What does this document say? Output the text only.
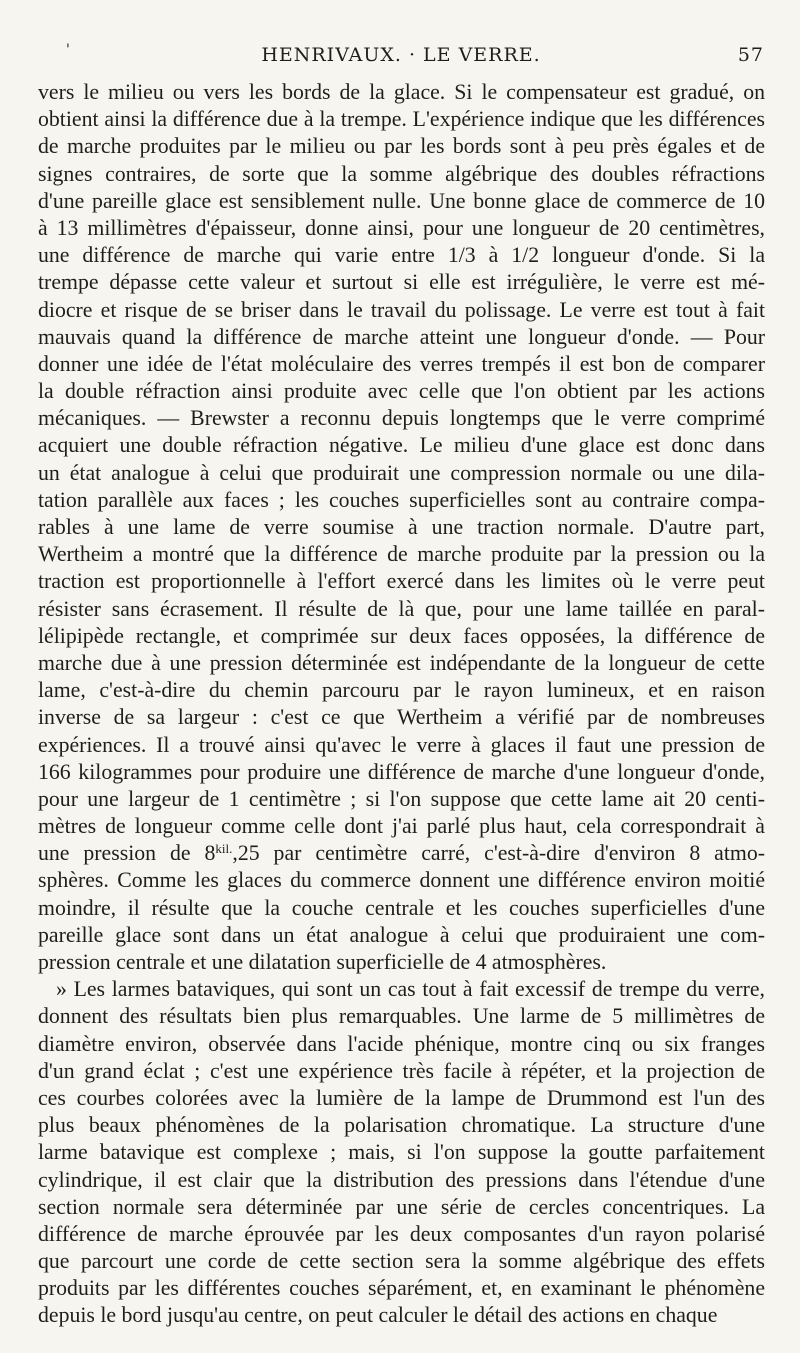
'	HENRIVAUX. · LE VERRE.	57
vers le milieu ou vers les bords de la glace. Si le compensateur est gradué, on
obtient ainsi la différence due à la trempe. L'expérience indique que les différences
de marche produites par le milieu ou par les bords sont à peu près égales et de
signes contraires, de sorte que la somme algébrique des doubles réfractions
d'une pareille glace est sensiblement nulle. Une bonne glace de commerce de 10
à 13 millimètres d'épaisseur, donne ainsi, pour une longueur de 20 centimètres,
une différence de marche qui varie entre 1/3 à 1/2 longueur d'onde. Si la
trempe dépasse cette valeur et surtout si elle est irrégulière, le verre est mé-
diocre et risque de se briser dans le travail du polissage. Le verre est tout à fait
mauvais quand la différence de marche atteint une longueur d'onde. — Pour
donner une idée de l'état moléculaire des verres trempés il est bon de comparer
la double réfraction ainsi produite avec celle que l'on obtient par les actions
mécaniques. — Brewster a reconnu depuis longtemps que le verre comprimé
acquiert une double réfraction négative. Le milieu d'une glace est donc dans
un état analogue à celui que produirait une compression normale ou une dila-
tation parallèle aux faces ; les couches superficielles sont au contraire compa-
rables à une lame de verre soumise à une traction normale. D'autre part,
Wertheim a montré que la différence de marche produite par la pression ou la
traction est proportionnelle à l'effort exercé dans les limites où le verre peut
résister sans écrasement. Il résulte de là que, pour une lame taillée en paral-
lélipipède rectangle, et comprimée sur deux faces opposées, la différence de
marche due à une pression déterminée est indépendante de la longueur de cette
lame, c'est-à-dire du chemin parcouru par le rayon lumineux, et en raison
inverse de sa largeur : c'est ce que Wertheim a vérifié par de nombreuses
expériences. Il a trouvé ainsi qu'avec le verre à glaces il faut une pression de
166 kilogrammes pour produire une différence de marche d'une longueur d'onde,
pour une largeur de 1 centimètre ; si l'on suppose que cette lame ait 20 centi-
mètres de longueur comme celle dont j'ai parlé plus haut, cela correspondrait à
une pression de $8^{kil.},25$ par centimètre carré, c'est-à-dire d'environ 8 atmo-
sphères. Comme les glaces du commerce donnent une différence environ moitié
moindre, il résulte que la couche centrale et les couches superficielles d'une
pareille glace sont dans un état analogue à celui que produiraient une com-
pression centrale et une dilatation superficielle de 4 atmosphères.
» Les larmes bataviques, qui sont un cas tout à fait excessif de trempe du verre,
donnent des résultats bien plus remarquables. Une larme de 5 millimètres de
diamètre environ, observée dans l'acide phénique, montre cinq ou six franges
d'un grand éclat ; c'est une expérience très facile à répéter, et la projection de
ces courbes colorées avec la lumière de la lampe de Drummond est l'un des
plus beaux phénomènes de la polarisation chromatique. La structure d'une
larme batavique est complexe ; mais, si l'on suppose la goutte parfaitement
cylindrique, il est clair que la distribution des pressions dans l'étendue d'une
section normale sera déterminée par une série de cercles concentriques. La
différence de marche éprouvée par les deux composantes d'un rayon polarisé
que parcourt une corde de cette section sera la somme algébrique des effets
produits par les différentes couches séparément, et, en examinant le phénomène
depuis le bord jusqu'au centre, on peut calculer le détail des actions en chaque
